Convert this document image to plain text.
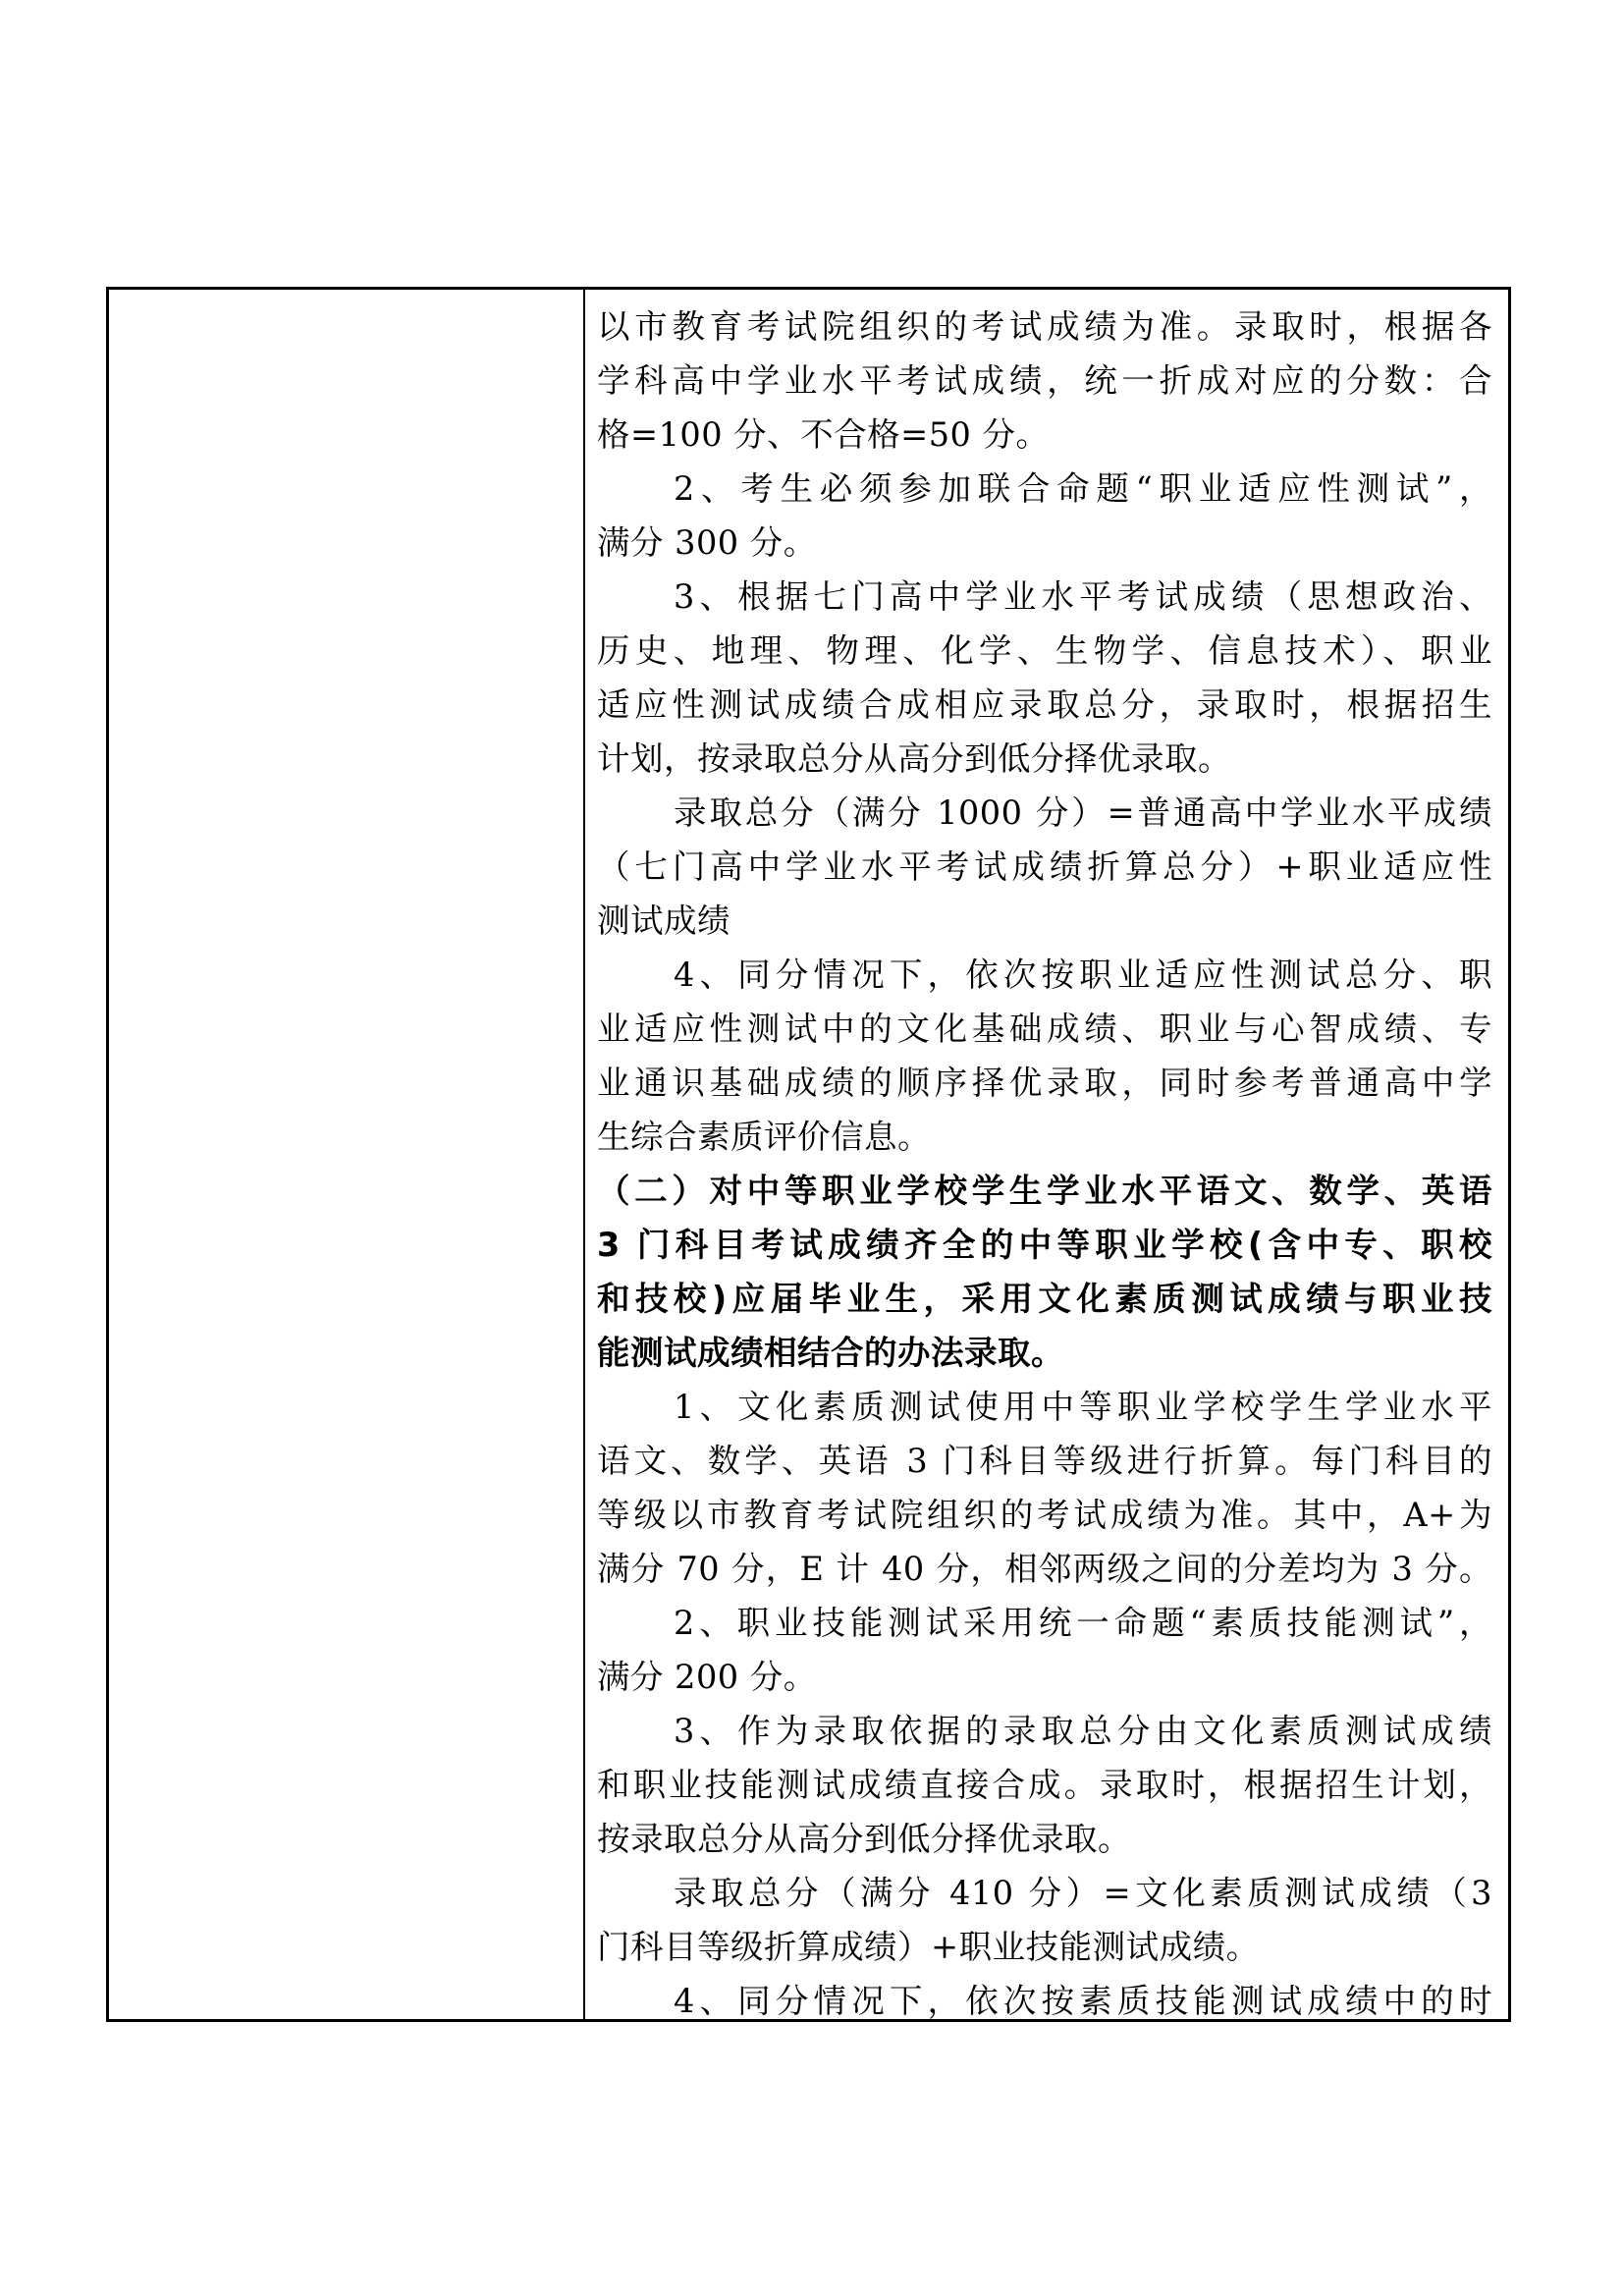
以市教育考试院组织的考试成绩为准。录取时，根据各
学科高中学业水平考试成绩，统一折成对应的分数：合
格=100 分、不合格=50 分。
2、考生必须参加联合命题“职业适应性测试”，
满分 300 分。
3、根据七门高中学业水平考试成绩（思想政治、
历史、地理、物理、化学、生物学、信息技术）、职业
适应性测试成绩合成相应录取总分，录取时，根据招生
计划，按录取总分从高分到低分择优录取。
录取总分（满分 1000 分）=普通高中学业水平成绩
（七门高中学业水平考试成绩折算总分）+职业适应性
测试成绩
4、同分情况下，依次按职业适应性测试总分、职
业适应性测试中的文化基础成绩、职业与心智成绩、专
业通识基础成绩的顺序择优录取，同时参考普通高中学
生综合素质评价信息。
（二）对中等职业学校学生学业水平语文、数学、英语
3 门科目考试成绩齐全的中等职业学校(含中专、职校
和技校)应届毕业生，采用文化素质测试成绩与职业技
能测试成绩相结合的办法录取。
1、文化素质测试使用中等职业学校学生学业水平
语文、数学、英语 3 门科目等级进行折算。每门科目的
等级以市教育考试院组织的考试成绩为准。其中，A+为
满分 70 分，E 计 40 分，相邻两级之间的分差均为 3 分。
2、职业技能测试采用统一命题“素质技能测试”，
满分 200 分。
3、作为录取依据的录取总分由文化素质测试成绩
和职业技能测试成绩直接合成。录取时，根据招生计划，
按录取总分从高分到低分择优录取。
录取总分（满分 410 分）=文化素质测试成绩（3
门科目等级折算成绩）+职业技能测试成绩。
4、同分情况下，依次按素质技能测试成绩中的时
